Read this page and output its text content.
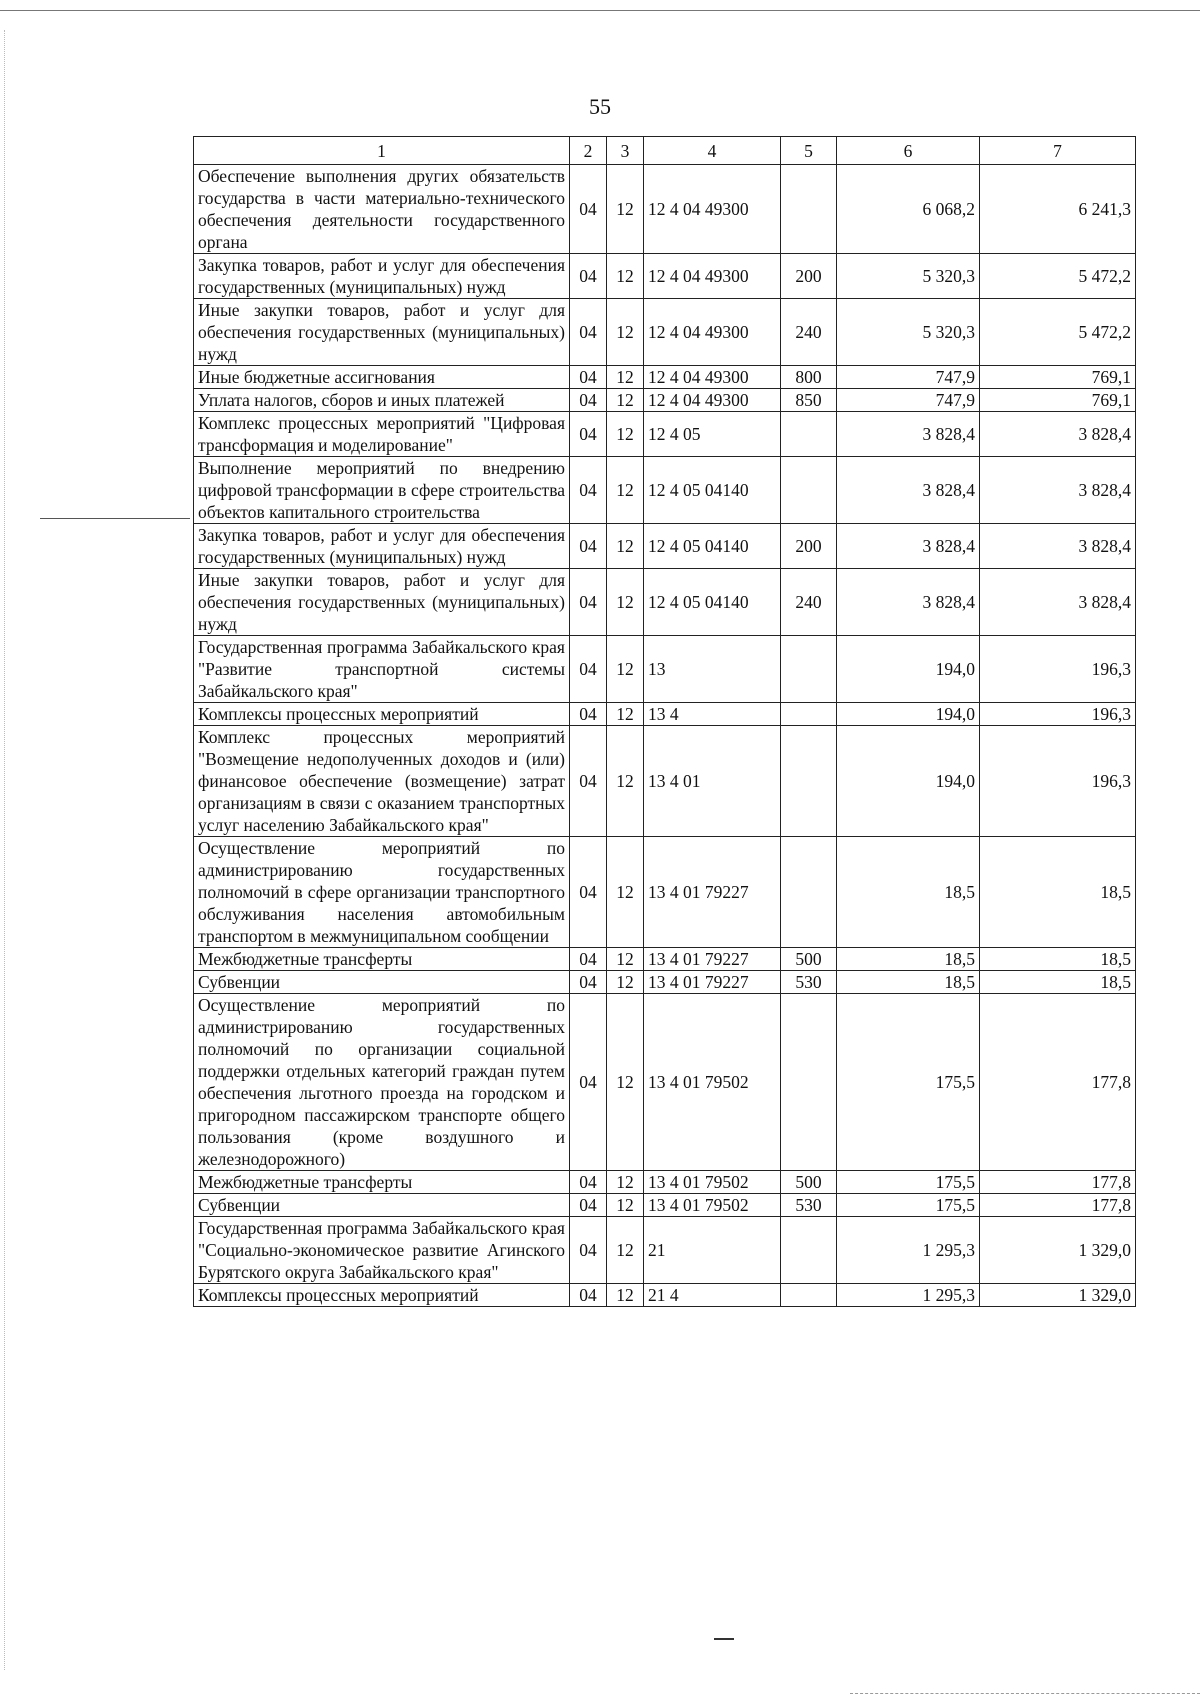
55
1	2	3	4	5	6	7
Обеспечение выполнения других обязательств государства в части материально-технического обеспечения деятельности государственного органа	04	12	12 4 04 49300		6 068,2	6 241,3
Закупка товаров, работ и услуг для обеспечения государственных (муниципальных) нужд	04	12	12 4 04 49300	200	5 320,3	5 472,2
Иные закупки товаров, работ и услуг для обеспечения государственных (муниципальных) нужд	04	12	12 4 04 49300	240	5 320,3	5 472,2
Иные бюджетные ассигнования	04	12	12 4 04 49300	800	747,9	769,1
Уплата налогов, сборов и иных платежей	04	12	12 4 04 49300	850	747,9	769,1
Комплекс процессных мероприятий "Цифровая трансформация и моделирование"	04	12	12 4 05		3 828,4	3 828,4
Выполнение мероприятий по внедрению цифровой трансформации в сфере строительства объектов капитального строительства	04	12	12 4 05 04140		3 828,4	3 828,4
Закупка товаров, работ и услуг для обеспечения государственных (муниципальных) нужд	04	12	12 4 05 04140	200	3 828,4	3 828,4
Иные закупки товаров, работ и услуг для обеспечения государственных (муниципальных) нужд	04	12	12 4 05 04140	240	3 828,4	3 828,4
Государственная программа Забайкальского края "Развитие транспортной системы Забайкальского края"	04	12	13		194,0	196,3
Комплексы процессных мероприятий	04	12	13 4		194,0	196,3
Комплекс процессных мероприятий "Возмещение недополученных доходов и (или) финансовое обеспечение (возмещение) затрат организациям в связи с оказанием транспортных услуг населению Забайкальского края"	04	12	13 4 01		194,0	196,3
Осуществление мероприятий по администрированию государственных полномочий в сфере организации транспортного обслуживания населения автомобильным транспортом в межмуниципальном сообщении	04	12	13 4 01 79227		18,5	18,5
Межбюджетные трансферты	04	12	13 4 01 79227	500	18,5	18,5
Субвенции	04	12	13 4 01 79227	530	18,5	18,5
Осуществление мероприятий по администрированию государственных полномочий по организации социальной поддержки отдельных категорий граждан путем обеспечения льготного проезда на городском и пригородном пассажирском транспорте общего пользования (кроме воздушного и железнодорожного)	04	12	13 4 01 79502		175,5	177,8
Межбюджетные трансферты	04	12	13 4 01 79502	500	175,5	177,8
Субвенции	04	12	13 4 01 79502	530	175,5	177,8
Государственная программа Забайкальского края "Социально-экономическое развитие Агинского Бурятского округа Забайкальского края"	04	12	21		1 295,3	1 329,0
Комплексы процессных мероприятий	04	12	21 4		1 295,3	1 329,0
